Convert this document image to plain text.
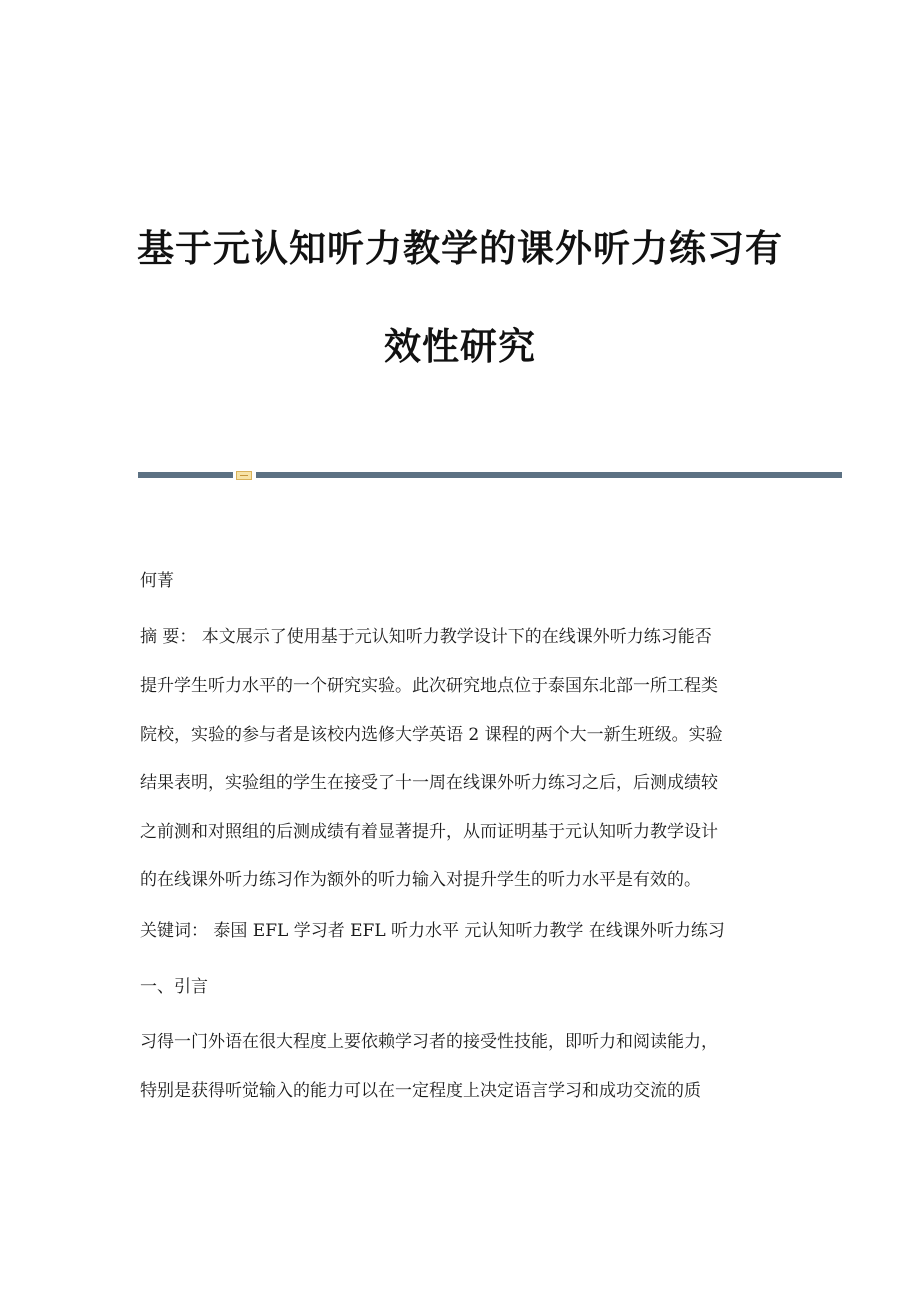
基于元认知听力教学的课外听力练习有
效性研究
何菁
摘 要： 本文展示了使用基于元认知听力教学设计下的在线课外听力练习能否
提升学生听力水平的一个研究实验。此次研究地点位于泰国东北部一所工程类
院校，实验的参与者是该校内选修大学英语 2 课程的两个大一新生班级。实验
结果表明，实验组的学生在接受了十一周在线课外听力练习之后，后测成绩较
之前测和对照组的后测成绩有着显著提升，从而证明基于元认知听力教学设计
的在线课外听力练习作为额外的听力输入对提升学生的听力水平是有效的。
关键词： 泰国 EFL 学习者 EFL 听力水平 元认知听力教学 在线课外听力练习
一、引言
习得一门外语在很大程度上要依赖学习者的接受性技能，即听力和阅读能力，
特别是获得听觉输入的能力可以在一定程度上决定语言学习和成功交流的质
